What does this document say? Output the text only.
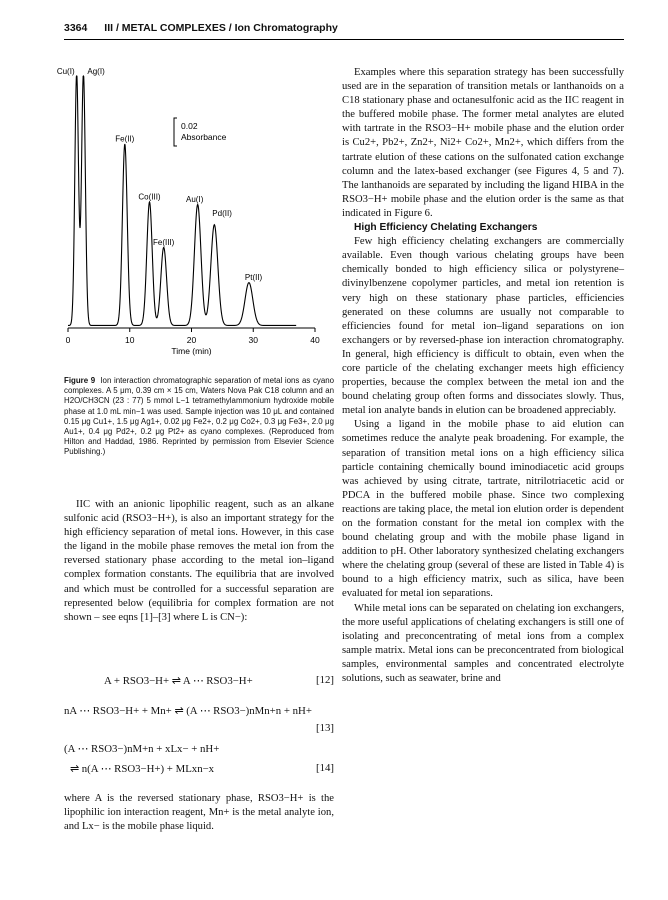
3364 III / METAL COMPLEXES / Ion Chromatography
Cu(I) Ag(I)
Fe(II)
Co(III)
Fe(III)
Au(I)
Pd(II)
Pt(II)
0	10	20	30	40
Time (min)
0.02
Absorbance
Figure 9 Ion interaction chromatographic separation of metal ions as cyano complexes. A 5 μm, 0.39 cm × 15 cm, Waters Nova Pak C18 column and an H2O/CH3CN (23 : 77) 5 mmol L−1 tetramethylammonium hydroxide mobile phase at 1.0 mL min−1 was used. Sample injection was 10 μL and contained 0.15 μg Cu1+, 1.5 μg Ag1+, 0.02 μg Fe2+, 0.2 μg Co2+, 0.3 μg Fe3+, 2.0 μg Au1+, 0.4 μg Pd2+, 0.2 μg Pt2+ as cyano complexes. (Reproduced from Hilton and Haddad, 1986. Reprinted by permission from Elsevier Science Publishing.)

IIC with an anionic lipophilic reagent, such as an alkane sulfonic acid (RSO3−H+), is also an important strategy for the high efficiency separation of metal ions. However, in this case the ligand in the mobile phase removes the metal ion from the reversed stationary phase according to the metal ion–ligand complex formation constants. The equilibria that are involved and which must be controlled for a successful separation are represented below (equilibria for complex formation are not shown – see eqns [1]–[3] where L is CN−):

A + RSO3−H+ ⇌ A ⋯ RSO3−H+	[12]
nA ⋯ RSO3−H+ + Mn+ ⇌ (A ⋯ RSO3−)nMn+n + nH+
[13]
(A ⋯ RSO3−)nM+n + xLx− + nH+
⇌ n(A ⋯ RSO3−H+) + MLxn−x	[14]

where A is the reversed stationary phase, RSO3−H+ is the lipophilic ion interaction reagent, Mn+ is the metal analyte ion, and Lx− is the mobile phase liquid.

Examples where this separation strategy has been successfully used are in the separation of transition metals or lanthanoids on a C18 stationary phase and octanesulfonic acid as the IIC reagent in the buffered mobile phase. The former metal analytes are eluted with tartrate in the RSO3−H+ mobile phase and the elution order is Cu2+, Pb2+, Zn2+, Ni2+ Co2+, Mn2+, which differs from the tartrate elution of these cations on the sulfonated cation exchange column and the latex-based exchanger (see Figures 4, 5 and 7). The lanthanoids are separated by including the ligand HIBA in the RSO3−H+ mobile phase and the elution order is the same as that indicated in Figure 6.

High Efficiency Chelating Exchangers

Few high efficiency chelating exchangers are commercially available. Even though various chelating groups have been chemically bonded to high efficiency silica or polystyrene–divinylbenzene copolymer particles, and metal ion retention is very high on these stationary phase particles, efficiencies generated on these columns are usually not comparable to efficiencies found for metal ion–ligand separations on ion exchangers or by reversed-phase ion interaction chromatography. In general, high efficiency is difficult to obtain, even when the core particle of the chelating exchanger meets high efficiency properties, because the complex between the metal ion and the bound chelating group often forms and dissociates slowly. Thus, metal ion analyte bands in elution can be broadened appreciably.

Using a ligand in the mobile phase to aid elution can sometimes reduce the analyte peak broadening. For example, the separation of transition metal ions on a high efficiency silica particle containing chemically bound iminodiacetic acid groups was achieved by using citrate, tartrate, nitrilotriacetic acid or PDCA in the buffered mobile phase. Since two complexing reactions are taking place, the metal ion elution order is dependent on the formation constant for the metal ion complex with the bound chelating group and with the mobile phase ligand in addition to pH. Other laboratory synthesized chelating exchangers where the chelating group (several of these are listed in Table 4) is bound to a high efficiency matrix, such as silica, have been evaluated for metal ion separations.

While metal ions can be separated on chelating ion exchangers, the more useful applications of chelating exchangers is still one of isolating and preconcentrating of metal ions from a complex sample matrix. Metal ions can be preconcentrated from biological samples, environmental samples and concentrated electrolyte solutions, such as seawater, brine and
